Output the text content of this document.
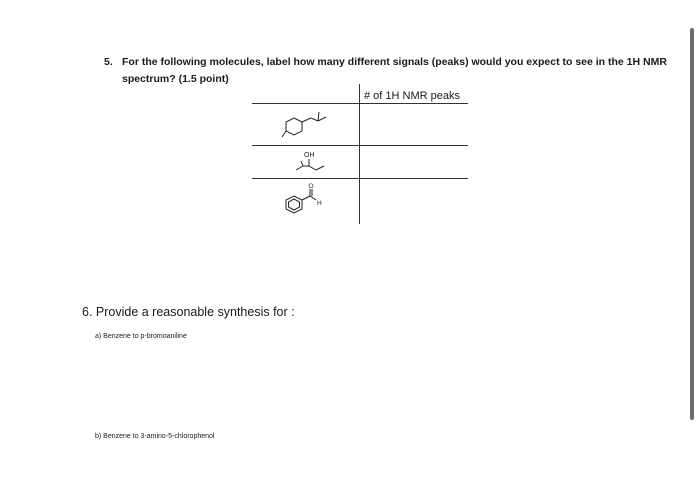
5. For the following molecules, label how many different signals (peaks) would you expect to see in the 1H NMR
spectrum? (1.5 point)
# of 1H NMR peaks
OH
O
H
6. Provide a reasonable synthesis for :
a) Benzene to p-bromoaniline
b) Benzene to 3-amino-5-chlorophenol
